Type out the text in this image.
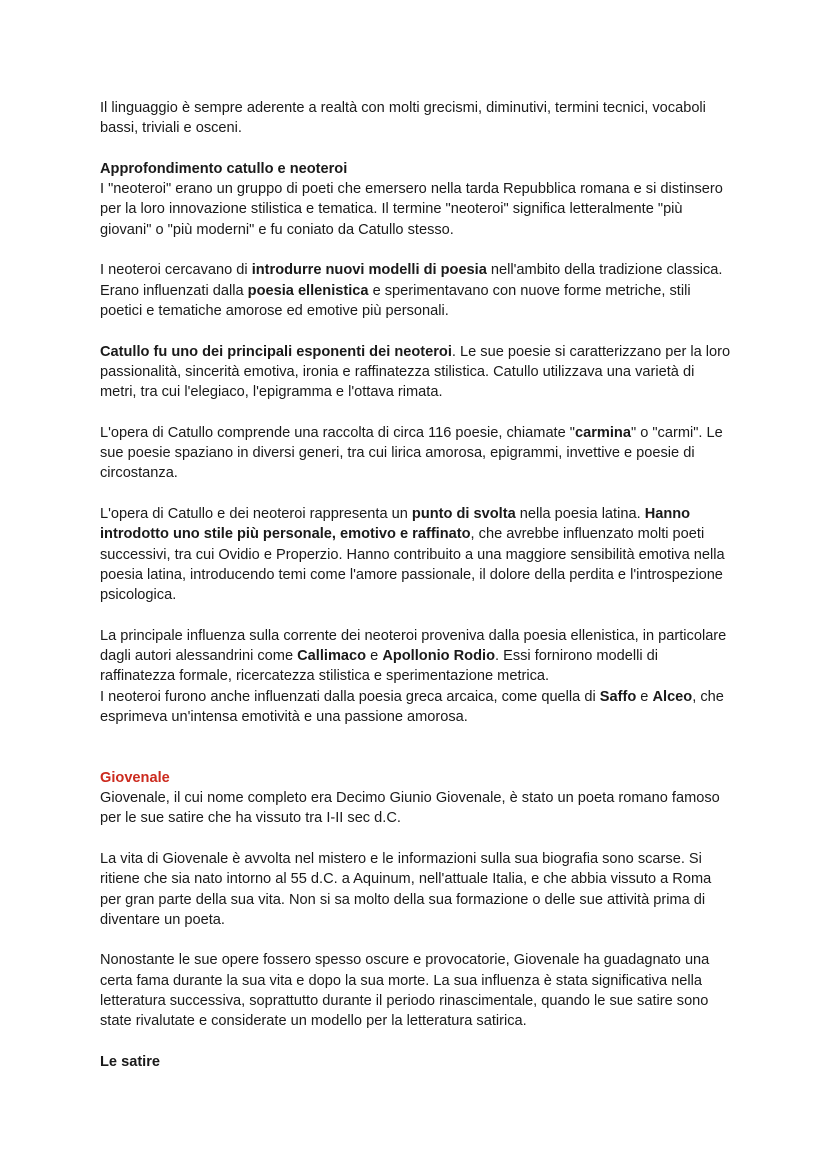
Il linguaggio è sempre aderente a realtà con molti grecismi, diminutivi, termini tecnici, vocaboli bassi, triviali e osceni.

Approfondimento catullo e neoteroi

I "neoteroi" erano un gruppo di poeti che emersero nella tarda Repubblica romana e si distinsero per la loro innovazione stilistica e tematica. Il termine "neoteroi" significa letteralmente "più giovani" o "più moderni" e fu coniato da Catullo stesso.

I neoteroi cercavano di introdurre nuovi modelli di poesia nell'ambito della tradizione classica. Erano influenzati dalla poesia ellenistica e sperimentavano con nuove forme metriche, stili poetici e tematiche amorose ed emotive più personali.

Catullo fu uno dei principali esponenti dei neoteroi. Le sue poesie si caratterizzano per la loro passionalità, sincerità emotiva, ironia e raffinatezza stilistica. Catullo utilizzava una varietà di metri, tra cui l'elegiaco, l'epigramma e l'ottava rimata.

L'opera di Catullo comprende una raccolta di circa 116 poesie, chiamate "carmina" o "carmi". Le sue poesie spaziano in diversi generi, tra cui lirica amorosa, epigrammi, invettive e poesie di circostanza.

L'opera di Catullo e dei neoteroi rappresenta un punto di svolta nella poesia latina. Hanno introdotto uno stile più personale, emotivo e raffinato, che avrebbe influenzato molti poeti successivi, tra cui Ovidio e Properzio. Hanno contribuito a una maggiore sensibilità emotiva nella poesia latina, introducendo temi come l'amore passionale, il dolore della perdita e l'introspezione psicologica.

La principale influenza sulla corrente dei neoteroi proveniva dalla poesia ellenistica, in particolare dagli autori alessandrini come Callimaco e Apollonio Rodio. Essi fornirono modelli di raffinatezza formale, ricercatezza stilistica e sperimentazione metrica.
I neoteroi furono anche influenzati dalla poesia greca arcaica, come quella di Saffo e Alceo, che esprimeva un'intensa emotività e una passione amorosa.

Giovenale

Giovenale, il cui nome completo era Decimo Giunio Giovenale, è stato un poeta romano famoso per le sue satire che ha vissuto tra I-II sec d.C.

La vita di Giovenale è avvolta nel mistero e le informazioni sulla sua biografia sono scarse. Si ritiene che sia nato intorno al 55 d.C. a Aquinum, nell'attuale Italia, e che abbia vissuto a Roma per gran parte della sua vita. Non si sa molto della sua formazione o delle sue attività prima di diventare un poeta.

Nonostante le sue opere fossero spesso oscure e provocatorie, Giovenale ha guadagnato una certa fama durante la sua vita e dopo la sua morte. La sua influenza è stata significativa nella letteratura successiva, soprattutto durante il periodo rinascimentale, quando le sue satire sono state rivalutate e considerate un modello per la letteratura satirica.

Le satire
